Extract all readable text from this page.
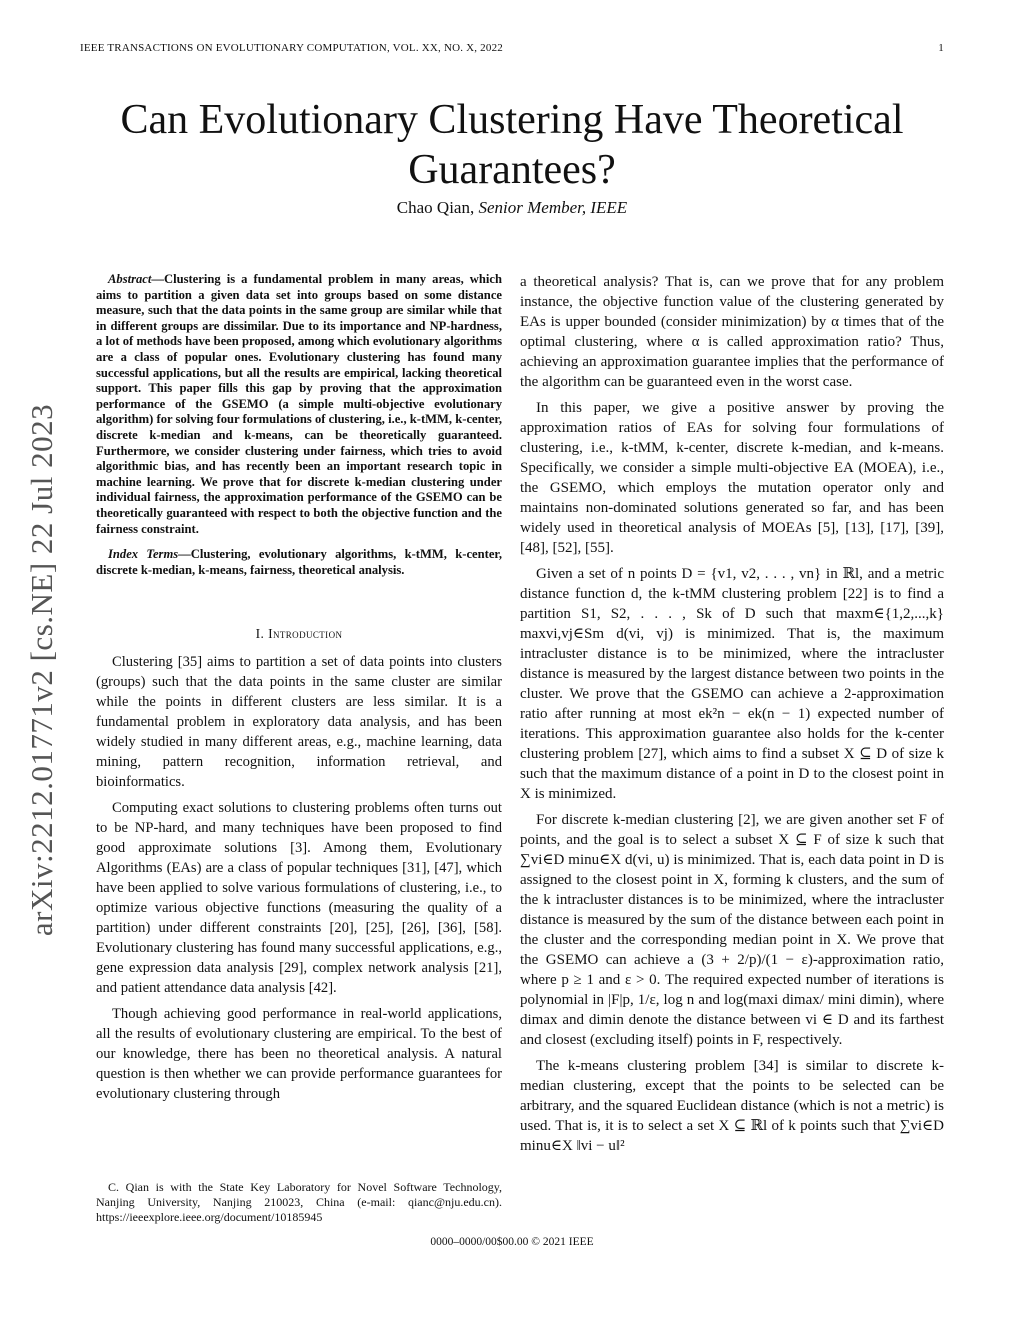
IEEE TRANSACTIONS ON EVOLUTIONARY COMPUTATION, VOL. XX, NO. X, 2022	1
arXiv:2212.01771v2 [cs.NE] 22 Jul 2023
Can Evolutionary Clustering Have Theoretical Guarantees?
Chao Qian, Senior Member, IEEE

Abstract—Clustering is a fundamental problem in many areas, which aims to partition a given data set into groups based on some distance measure, such that the data points in the same group are similar while that in different groups are dissimilar. Due to its importance and NP-hardness, a lot of methods have been proposed, among which evolutionary algorithms are a class of popular ones. Evolutionary clustering has found many successful applications, but all the results are empirical, lacking theoretical support. This paper fills this gap by proving that the approximation performance of the GSEMO (a simple multi-objective evolutionary algorithm) for solving four formulations of clustering, i.e., k-tMM, k-center, discrete k-median and k-means, can be theoretically guaranteed. Furthermore, we consider clustering under fairness, which tries to avoid algorithmic bias, and has recently been an important research topic in machine learning. We prove that for discrete k-median clustering under individual fairness, the approximation performance of the GSEMO can be theoretically guaranteed with respect to both the objective function and the fairness constraint.

Index Terms—Clustering, evolutionary algorithms, k-tMM, k-center, discrete k-median, k-means, fairness, theoretical analysis.

I. Introduction

Clustering [35] aims to partition a set of data points into clusters (groups) such that the data points in the same cluster are similar while the points in different clusters are less similar. It is a fundamental problem in exploratory data analysis, and has been widely studied in many different areas, e.g., machine learning, data mining, pattern recognition, information retrieval, and bioinformatics.

Computing exact solutions to clustering problems often turns out to be NP-hard, and many techniques have been proposed to find good approximate solutions [3]. Among them, Evolutionary Algorithms (EAs) are a class of popular techniques [31], [47], which have been applied to solve various formulations of clustering, i.e., to optimize various objective functions (measuring the quality of a partition) under different constraints [20], [25], [26], [36], [58]. Evolutionary clustering has found many successful applications, e.g., gene expression data analysis [29], complex network analysis [21], and patient attendance data analysis [42].

Though achieving good performance in real-world applications, all the results of evolutionary clustering are empirical. To the best of our knowledge, there has been no theoretical analysis. A natural question is then whether we can provide performance guarantees for evolutionary clustering through

a theoretical analysis? That is, can we prove that for any problem instance, the objective function value of the clustering generated by EAs is upper bounded (consider minimization) by α times that of the optimal clustering, where α is called approximation ratio? Thus, achieving an approximation guarantee implies that the performance of the algorithm can be guaranteed even in the worst case.

In this paper, we give a positive answer by proving the approximation ratios of EAs for solving four formulations of clustering, i.e., k-tMM, k-center, discrete k-median, and k-means. Specifically, we consider a simple multi-objective EA (MOEA), i.e., the GSEMO, which employs the mutation operator only and maintains non-dominated solutions generated so far, and has been widely used in theoretical analysis of MOEAs [5], [13], [17], [39], [48], [52], [55].

Given a set of n points D = {v1, v2, . . . , vn} in ℝl, and a metric distance function d, the k-tMM clustering problem [22] is to find a partition S1, S2, . . . , Sk of D such that maxm∈{1,2,...,k} maxvi,vj∈Sm d(vi, vj) is minimized. That is, the maximum intracluster distance is to be minimized, where the intracluster distance is measured by the largest distance between two points in the cluster. We prove that the GSEMO can achieve a 2-approximation ratio after running at most ek²n − ek(n − 1) expected number of iterations. This approximation guarantee also holds for the k-center clustering problem [27], which aims to find a subset X ⊆ D of size k such that the maximum distance of a point in D to the closest point in X is minimized.

For discrete k-median clustering [2], we are given another set F of points, and the goal is to select a subset X ⊆ F of size k such that ∑vi∈D minu∈X d(vi, u) is minimized. That is, each data point in D is assigned to the closest point in X, forming k clusters, and the sum of the k intracluster distances is to be minimized, where the intracluster distance is measured by the sum of the distance between each point in the cluster and the corresponding median point in X. We prove that the GSEMO can achieve a (3 + 2/p)/(1 − ε)-approximation ratio, where p ≥ 1 and ε > 0. The required expected number of iterations is polynomial in |F|p, 1/ε, log n and log(maxi dimax/ mini dimin), where dimax and dimin denote the distance between vi ∈ D and its farthest and closest (excluding itself) points in F, respectively.

The k-means clustering problem [34] is similar to discrete k-median clustering, except that the points to be selected can be arbitrary, and the squared Euclidean distance (which is not a metric) is used. That is, it is to select a set X ⊆ ℝl of k points such that ∑vi∈D minu∈X ‖vi − u‖²

C. Qian is with the State Key Laboratory for Novel Software Technology, Nanjing University, Nanjing 210023, China (e-mail: qianc@nju.edu.cn). https://ieeexplore.ieee.org/document/10185945

0000–0000/00$00.00 © 2021 IEEE
